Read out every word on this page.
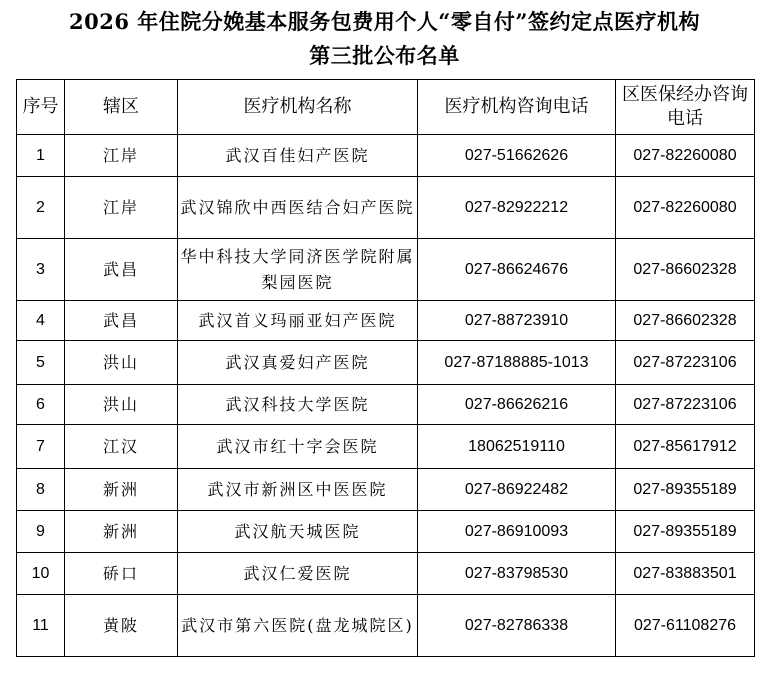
2026 年住院分娩基本服务包费用个人“零自付”签约定点医疗机构
第三批公布名单
序号	辖区	医疗机构名称	医疗机构咨询电话	区医保经办咨询电话
1	江岸	武汉百佳妇产医院	027-51662626	027-82260080
2	江岸	武汉锦欣中西医结合妇产医院	027-82922212	027-82260080
3	武昌	华中科技大学同济医学院附属梨园医院	027-86624676	027-86602328
4	武昌	武汉首义玛丽亚妇产医院	027-88723910	027-86602328
5	洪山	武汉真爱妇产医院	027-87188885-1013	027-87223106
6	洪山	武汉科技大学医院	027-86626216	027-87223106
7	江汉	武汉市红十字会医院	18062519110	027-85617912
8	新洲	武汉市新洲区中医医院	027-86922482	027-89355189
9	新洲	武汉航天城医院	027-86910093	027-89355189
10	硚口	武汉仁爱医院	027-83798530	027-83883501
11	黄陂	武汉市第六医院(盘龙城院区)	027-82786338	027-61108276
